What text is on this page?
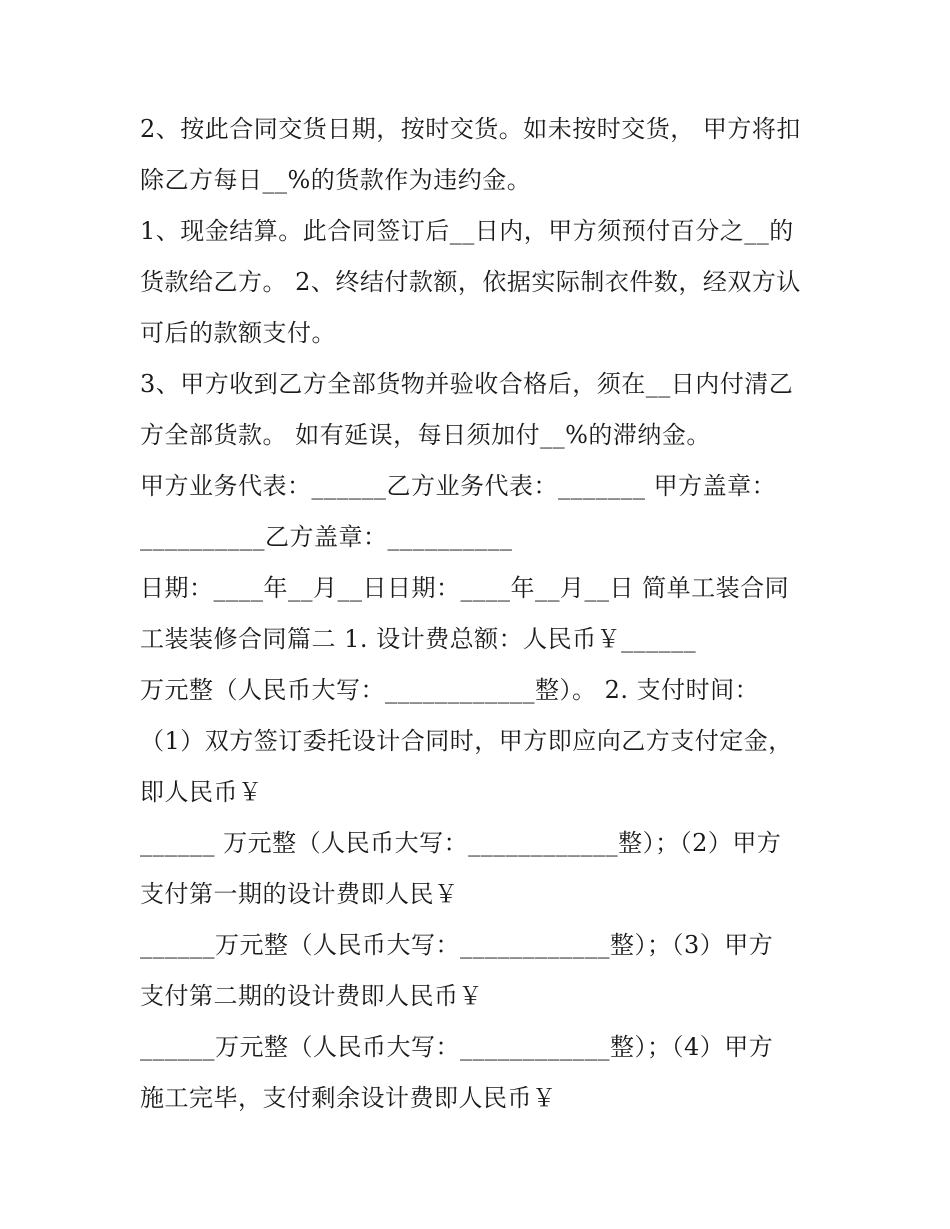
2、按此合同交货日期，按时交货。如未按时交货， 甲方将扣
除乙方每日__%的货款作为违约金。
1、现金结算。此合同签订后__日内，甲方须预付百分之__的
货款给乙方。 2、终结付款额，依据实际制衣件数，经双方认
可后的款额支付。
3、甲方收到乙方全部货物并验收合格后，须在__日内付清乙
方全部货款。 如有延误，每日须加付__%的滞纳金。
甲方业务代表：______乙方业务代表：_______ 甲方盖章：
__________乙方盖章：__________
日期：____年__月__日日期：____年__月__日 简单工装合同
工装装修合同篇二 1. 设计费总额：人民币￥______
万元整（人民币大写：____________整）。 2. 支付时间：
（1）双方签订委托设计合同时，甲方即应向乙方支付定金，
即人民币￥
______ 万元整（人民币大写：____________整）；（2）甲方
支付第一期的设计费即人民￥
______万元整（人民币大写：____________整）；（3）甲方
支付第二期的设计费即人民币￥
______万元整（人民币大写：____________整）；（4）甲方
施工完毕，支付剩余设计费即人民币￥
